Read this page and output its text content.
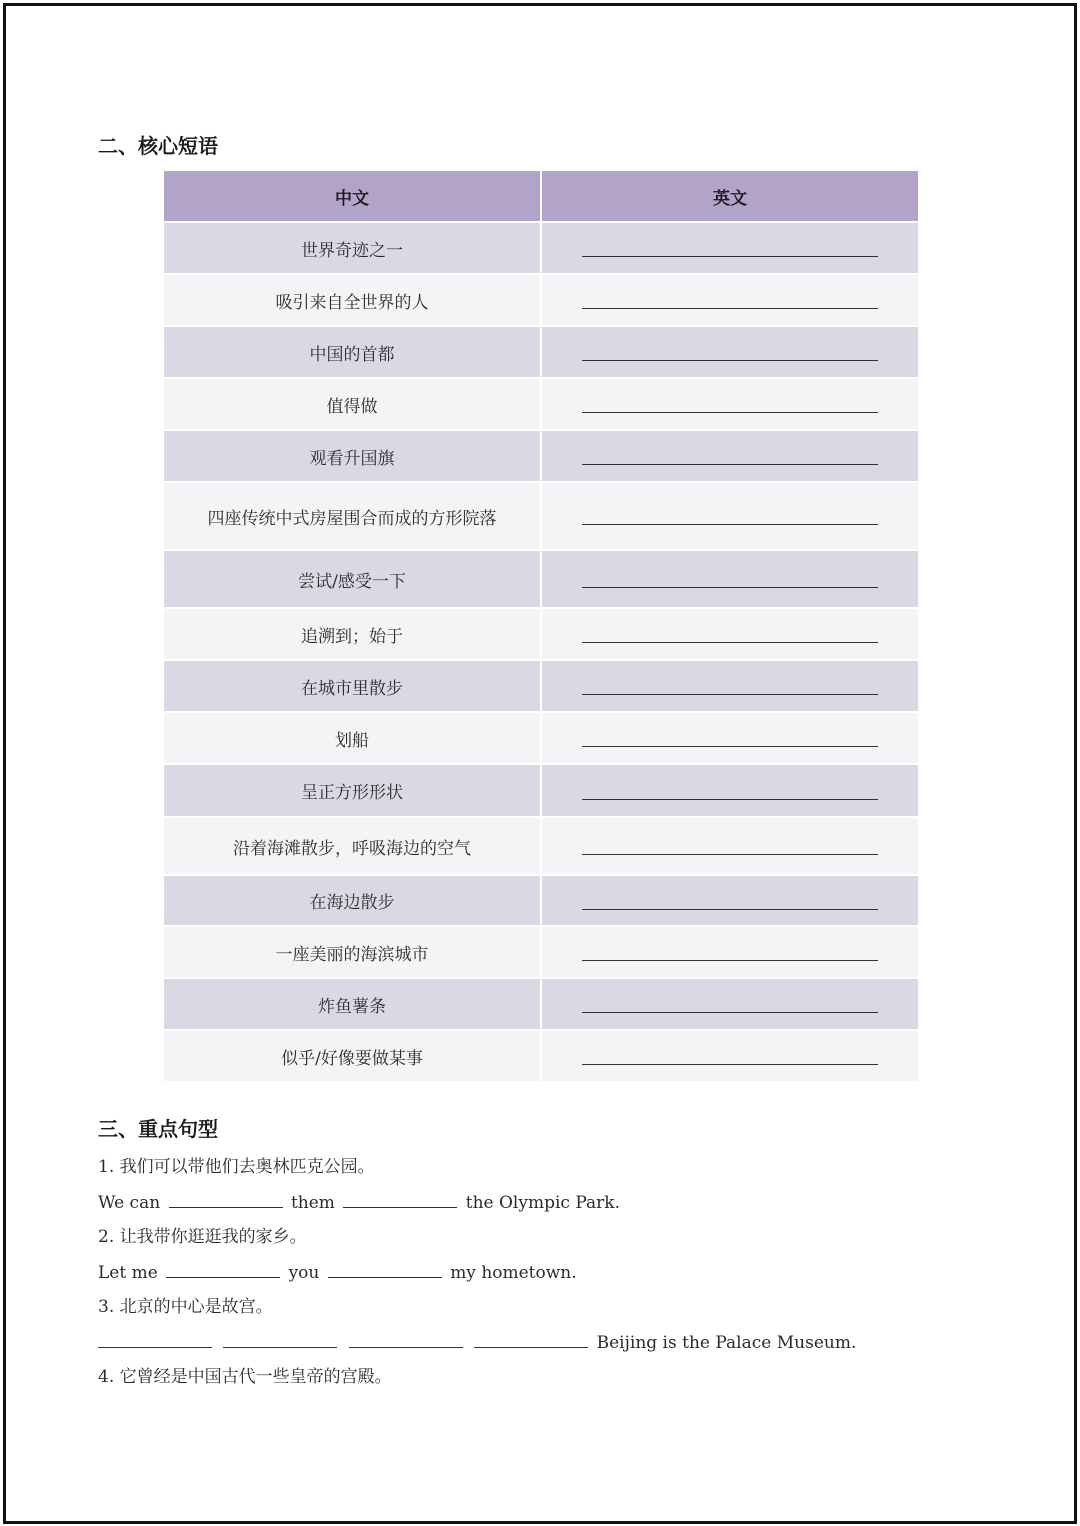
二、核心短语
中文	英文
世界奇迹之一	
吸引来自全世界的人	
中国的首都	
值得做	
观看升国旗	
四座传统中式房屋围合而成的方形院落	
尝试/感受一下	
追溯到；始于	
在城市里散步	
划船	
呈正方形形状	
沿着海滩散步，呼吸海边的空气	
在海边散步	
一座美丽的海滨城市	
炸鱼薯条	
似乎/好像要做某事	
三、重点句型
1. 我们可以带他们去奥林匹克公园。
We can	them	the Olympic Park.
2. 让我带你逛逛我的家乡。
Let me	you	my hometown.
3. 北京的中心是故宫。
Beijing is the Palace Museum.
4. 它曾经是中国古代一些皇帝的宫殿。
